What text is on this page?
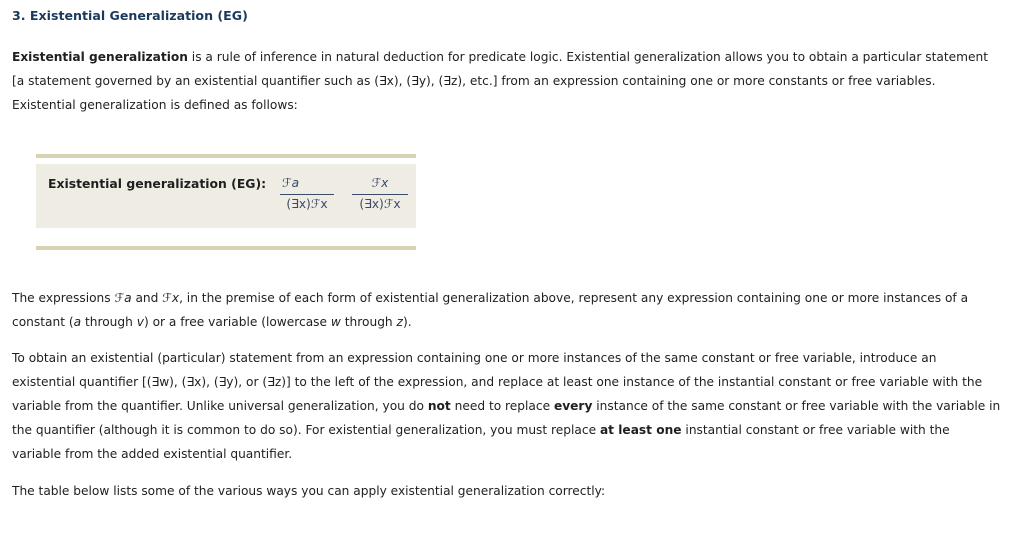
3. Existential Generalization (EG)

Existential generalization is a rule of inference in natural deduction for predicate logic. Existential generalization allows you to obtain a particular statement [a statement governed by an existential quantifier such as (∃x), (∃y), (∃z), etc.] from an expression containing one or more constants or free variables. Existential generalization is defined as follows:

Existential generalization (EG): ℱa
(∃x)ℱx
ℱx
(∃x)ℱx

The expressions ℱa and ℱx, in the premise of each form of existential generalization above, represent any expression containing one or more instances of a constant (a through v) or a free variable (lowercase w through z).

To obtain an existential (particular) statement from an expression containing one or more instances of the same constant or free variable, introduce an existential quantifier [(∃w), (∃x), (∃y), or (∃z)] to the left of the expression, and replace at least one instance of the instantial constant or free variable with the variable from the quantifier. Unlike universal generalization, you do not need to replace every instance of the same constant or free variable with the variable in the quantifier (although it is common to do so). For existential generalization, you must replace at least one instantial constant or free variable with the variable from the added existential quantifier.

The table below lists some of the various ways you can apply existential generalization correctly:
